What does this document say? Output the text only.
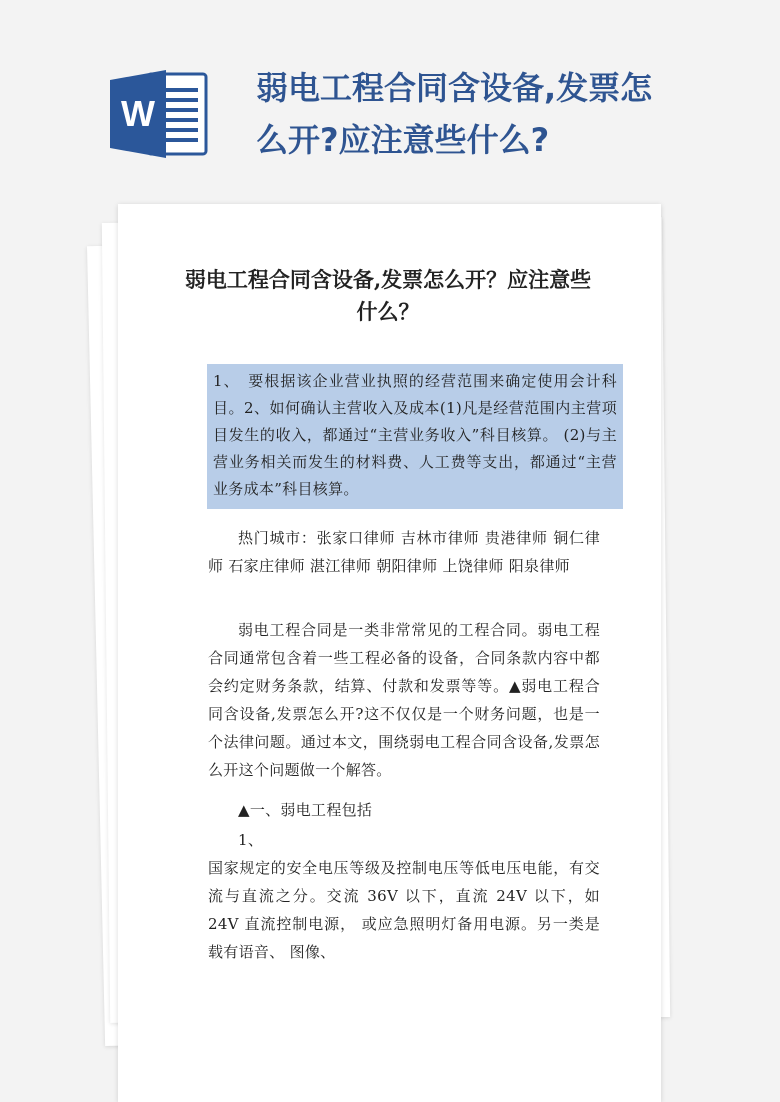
W
弱电工程合同含设备,发票怎么开?应注意些什么?
弱电工程合同含设备,发票怎么开？应注意些什么？
1、　要根据该企业营业执照的经营范围来确定使用会计科目。2、如何确认主营收入及成本(1)凡是经营范围内主营项目发生的收入，都通过“主营业务收入”科目核算。 (2)与主营业务相关而发生的材料费、人工费等支出，都通过“主营业务成本”科目核算。

热门城市：张家口律师 吉林市律师 贵港律师 铜仁律师 石家庄律师 湛江律师 朝阳律师 上饶律师 阳泉律师

弱电工程合同是一类非常常见的工程合同。弱电工程合同通常包含着一些工程必备的设备，合同条款内容中都会约定财务条款，结算、付款和发票等等。▲弱电工程合同含设备,发票怎么开?这不仅仅是一个财务问题，也是一个法律问题。通过本文，围绕弱电工程合同含设备,发票怎么开这个问题做一个解答。

▲一、弱电工程包括

1、

国家规定的安全电压等级及控制电压等低电压电能，有交流与直流之分。交流 36V 以下，直流 24V 以下，如 24V 直流控制电源， 或应急照明灯备用电源。另一类是载有语音、 图像、
